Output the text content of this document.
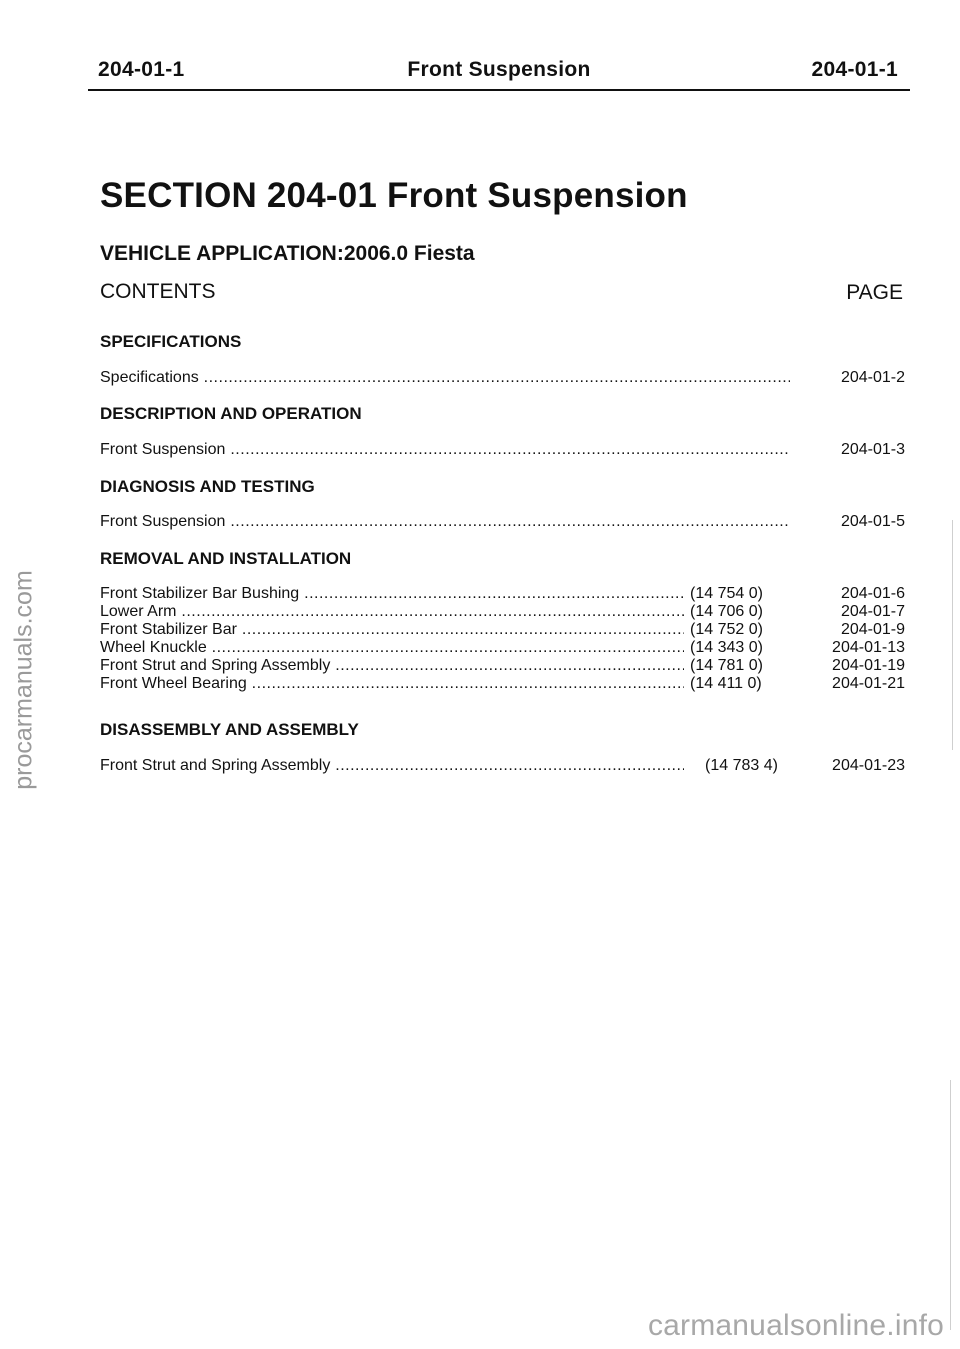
204-01-1	Front Suspension	204-01-1
SECTION 204-01 Front Suspension
VEHICLE APPLICATION:2006.0 Fiesta
CONTENTS	PAGE
SPECIFICATIONS
Specifications .....	204-01-2
DESCRIPTION AND OPERATION
Front Suspension .....	204-01-3
DIAGNOSIS AND TESTING
Front Suspension .....	204-01-5
REMOVAL AND INSTALLATION
Front Stabilizer Bar Bushing .....	(14 754 0)	204-01-6
Lower Arm .....	(14 706 0)	204-01-7
Front Stabilizer Bar .....	(14 752 0)	204-01-9
Wheel Knuckle .....	(14 343 0)	204-01-13
Front Strut and Spring Assembly .....	(14 781 0)	204-01-19
Front Wheel Bearing .....	(14 411 0)	204-01-21
DISASSEMBLY AND ASSEMBLY
Front Strut and Spring Assembly .....	(14 783 4)	204-01-23
procarmanuals.com
carmanualsonline.info
